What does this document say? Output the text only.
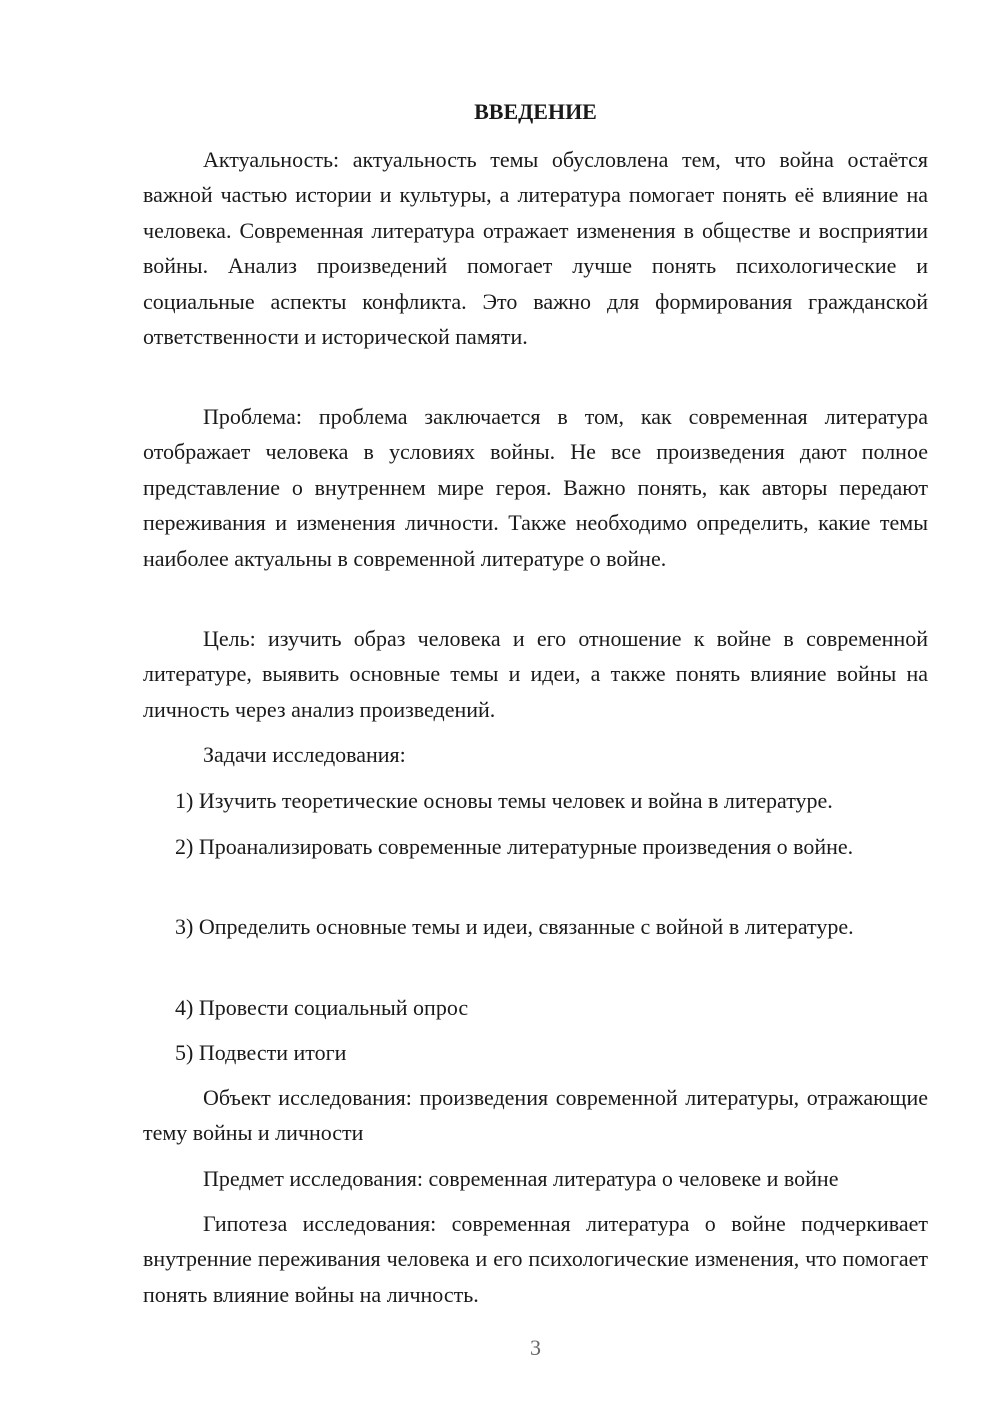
ВВЕДЕНИЕ

Актуальность: актуальность темы обусловлена тем, что война остаётся важной частью истории и культуры, а литература помогает понять её влияние на человека. Современная литература отражает изменения в обществе и восприятии войны. Анализ произведений помогает лучше понять психологические и социальные аспекты конфликта. Это важно для формирования гражданской ответственности и исторической памяти.

Проблема: проблема заключается в том, как современная литература отображает человека в условиях войны. Не все произведения дают полное представление о внутреннем мире героя. Важно понять, как авторы передают переживания и изменения личности. Также необходимо определить, какие темы наиболее актуальны в современной литературе о войне.

Цель: изучить образ человека и его отношение к войне в современной литературе, выявить основные темы и идеи, а также понять влияние войны на личность через анализ произведений.

Задачи исследования:

1) Изучить теоретические основы темы человек и война в литературе.

2) Проанализировать современные литературные произведения о войне.

3) Определить основные темы и идеи, связанные с войной в литературе.

4) Провести социальный опрос

5) Подвести итоги

Объект исследования: произведения современной литературы, отражающие тему войны и личности

Предмет исследования: современная литература о человеке и войне

Гипотеза исследования: современная литература о войне подчеркивает внутренние переживания человека и его психологические изменения, что помогает понять влияние войны на личность.

3
